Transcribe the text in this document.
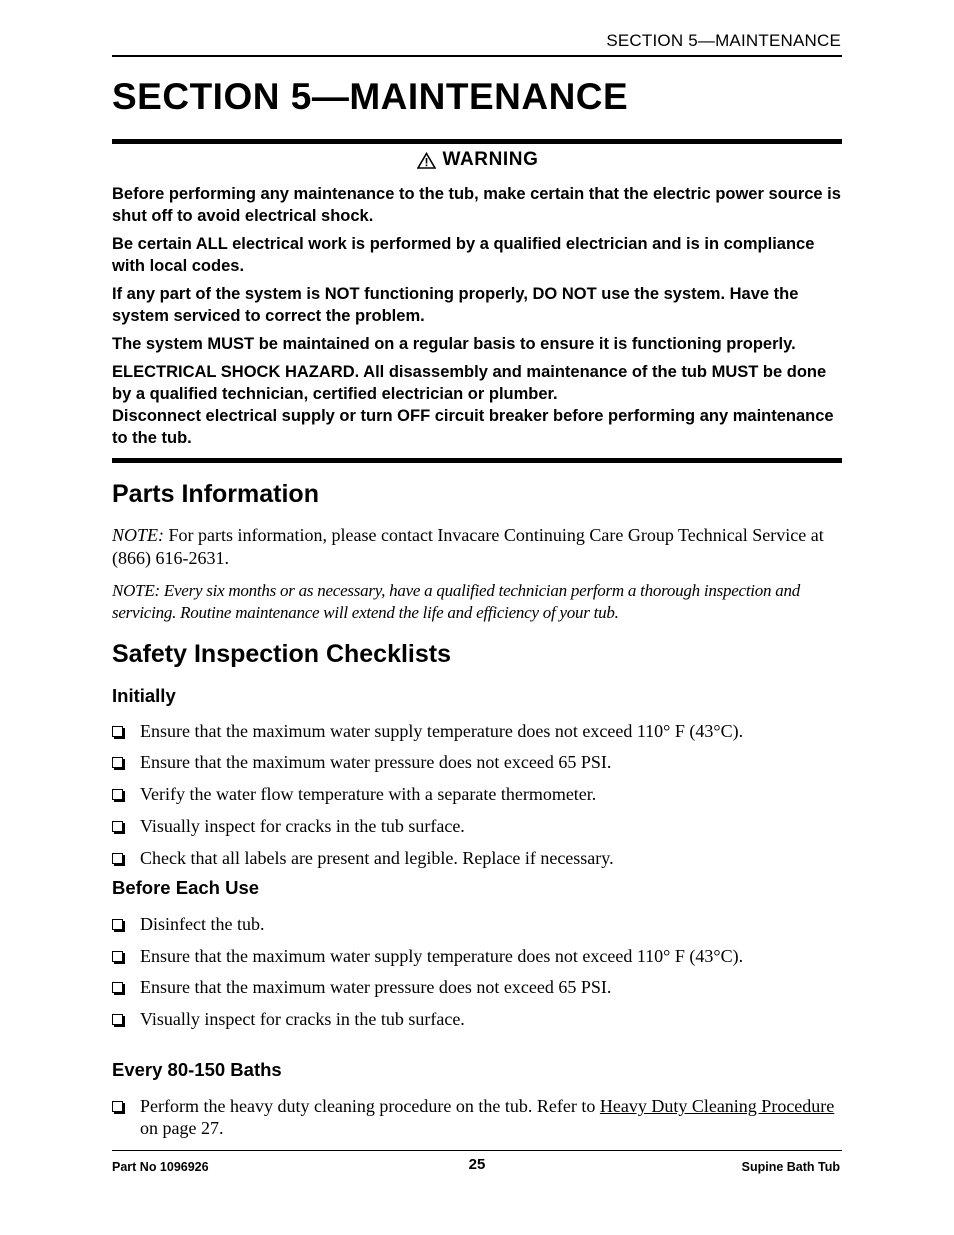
SECTION 5—MAINTENANCE
SECTION 5—MAINTENANCE
WARNING

Before performing any maintenance to the tub, make certain that the electric power source is shut off to avoid electrical shock.

Be certain ALL electrical work is performed by a qualified electrician and is in compliance with local codes.

If any part of the system is NOT functioning properly, DO NOT use the system. Have the system serviced to correct the problem.

The system MUST be maintained on a regular basis to ensure it is functioning properly.

ELECTRICAL SHOCK HAZARD. All disassembly and maintenance of the tub MUST be done by a qualified technician, certified electrician or plumber.

Disconnect electrical supply or turn OFF circuit breaker before performing any maintenance to the tub.

Parts Information

NOTE: For parts information, please contact Invacare Continuing Care Group Technical Service at (866) 616-2631.

NOTE: Every six months or as necessary, have a qualified technician perform a thorough inspection and servicing. Routine maintenance will extend the life and efficiency of your tub.

Safety Inspection Checklists
Initially
Ensure that the maximum water supply temperature does not exceed 110° F (43°C).
Ensure that the maximum water pressure does not exceed 65 PSI.
Verify the water flow temperature with a separate thermometer.
Visually inspect for cracks in the tub surface.
Check that all labels are present and legible. Replace if necessary.
Before Each Use
Disinfect the tub.
Ensure that the maximum water supply temperature does not exceed 110° F (43°C).
Ensure that the maximum water pressure does not exceed 65 PSI.
Visually inspect for cracks in the tub surface.
Every 80-150 Baths
Perform the heavy duty cleaning procedure on the tub. Refer to Heavy Duty Cleaning Procedure on page 27.
Part No 1096926	25	Supine Bath Tub
